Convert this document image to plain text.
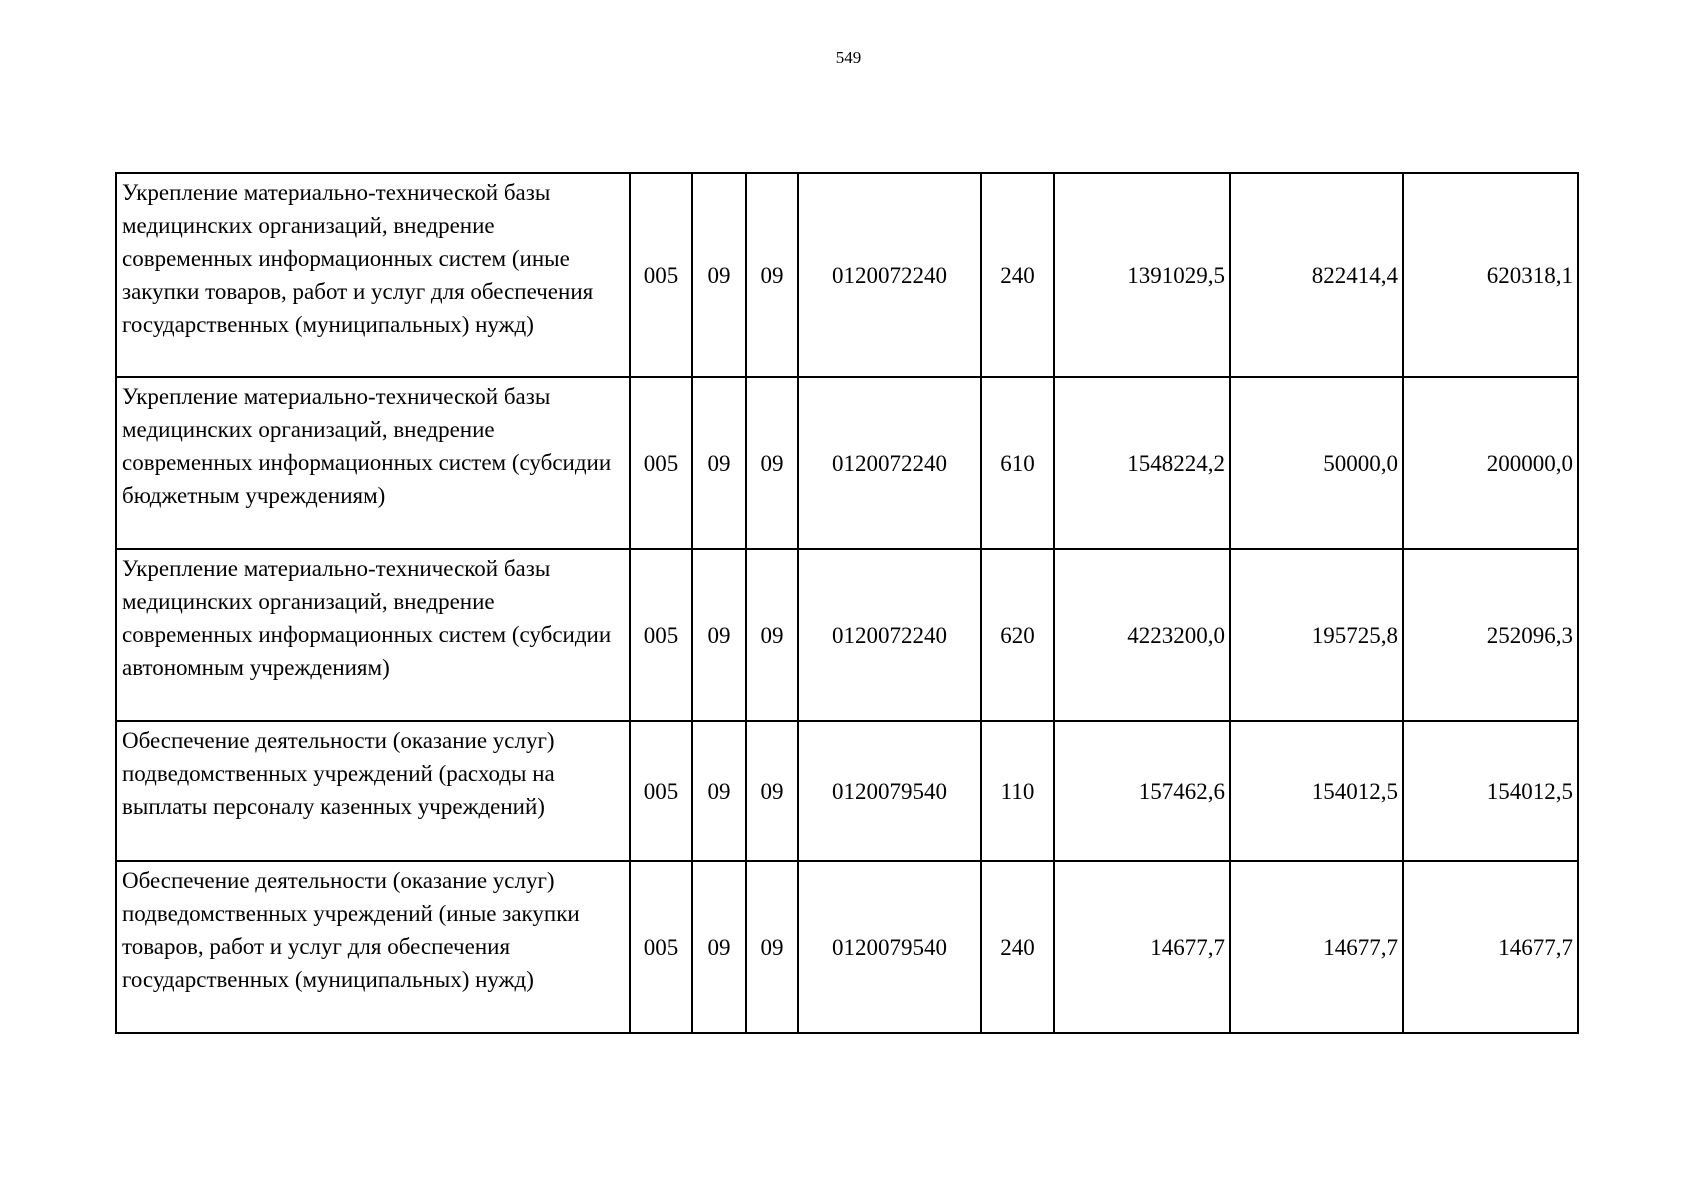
549
Укрепление материально-технической базы медицинских организаций, внедрение современных информационных систем (иные закупки товаров, работ и услуг для обеспечения государственных (муниципальных) нужд)	005	09	09	0120072240	240	1391029,5	822414,4	620318,1
Укрепление материально-технической базы медицинских организаций, внедрение современных информационных систем (субсидии бюджетным учреждениям)	005	09	09	0120072240	610	1548224,2	50000,0	200000,0
Укрепление материально-технической базы медицинских организаций, внедрение современных информационных систем (субсидии автономным учреждениям)	005	09	09	0120072240	620	4223200,0	195725,8	252096,3
Обеспечение деятельности (оказание услуг) подведомственных учреждений (расходы на выплаты персоналу казенных учреждений)	005	09	09	0120079540	110	157462,6	154012,5	154012,5
Обеспечение деятельности (оказание услуг) подведомственных учреждений (иные закупки товаров, работ и услуг для обеспечения государственных (муниципальных) нужд)	005	09	09	0120079540	240	14677,7	14677,7	14677,7
